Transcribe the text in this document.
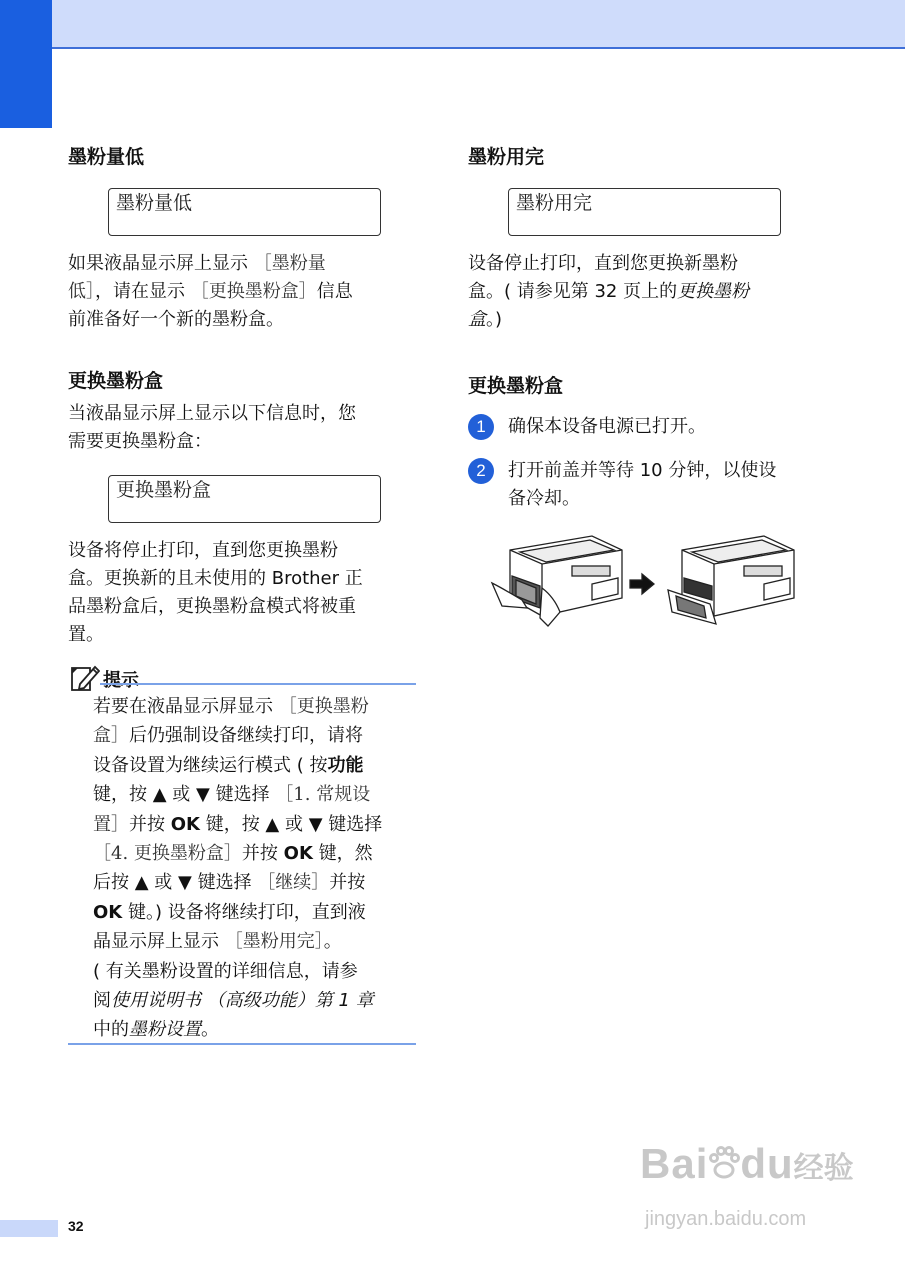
墨粉量低
墨粉量低

如果液晶显示屏上显示 ［墨粉量
低］，请在显示 ［更换墨粉盒］信息
前准备好一个新的墨粉盒。

更换墨粉盒

当液晶显示屏上显示以下信息时，您
需要更换墨粉盒：

更换墨粉盒

设备将停止打印，直到您更换墨粉
盒。更换新的且未使用的 Brother 正
品墨粉盒后，更换墨粉盒模式将被重
置。

提示

若要在液晶显示屏显示 ［更换墨粉
盒］后仍强制设备继续打印，请将
设备设置为继续运行模式 ( 按功能
键，按 ▲ 或 ▼ 键选择 ［1. 常规设
置］并按 OK 键，按 ▲ 或 ▼ 键选择
［4. 更换墨粉盒］并按 OK 键，然
后按 ▲ 或 ▼ 键选择 ［继续］并按
OK 键。) 设备将继续打印，直到液
晶显示屏上显示 ［墨粉用完］。
( 有关墨粉设置的详细信息，请参
阅使用说明书 （高级功能）第 1 章
中的墨粉设置。

墨粉用完
墨粉用完

设备停止打印，直到您更换新墨粉
盒。( 请参见第 32 页上的更换墨粉
盒。)

更换墨粉盒
1	确保本设备电源已打开。

2	打开前盖并等待 10 分钟，以使设
备冷却。

32
Bai du经验
jingyan.baidu.com
